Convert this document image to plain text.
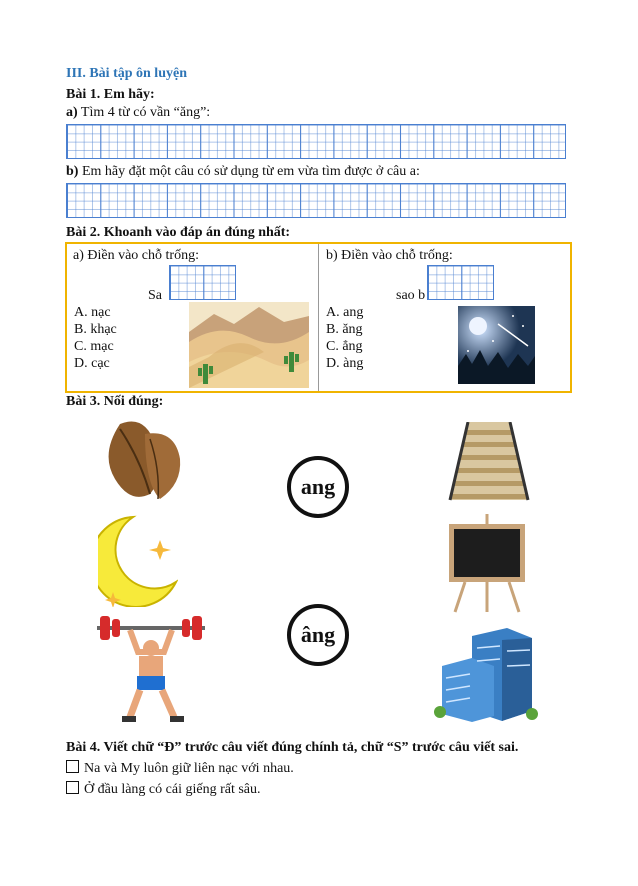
III. Bài tập ôn luyện
Bài 1. Em hãy:
a) Tìm 4 từ có vần “ăng”:
b) Em hãy đặt một câu có sử dụng từ em vừa tìm được ở câu a:
Bài 2. Khoanh vào đáp án đúng nhất:
a) Điền vào chỗ trống:
Sa
A. nạc
B. khạc
C. mạc
D. cạc
b) Điền vào chỗ trống:
sao b
A. ang
B. ăng
C. ẳng
D. àng
Bài 3. Nối đúng:
ang
âng
Bài 4. Viết chữ “Đ” trước câu viết đúng chính tả, chữ “S” trước câu viết sai.
Na và My luôn giữ liên nạc với nhau.
Ở đầu làng có cái giếng rất sâu.
